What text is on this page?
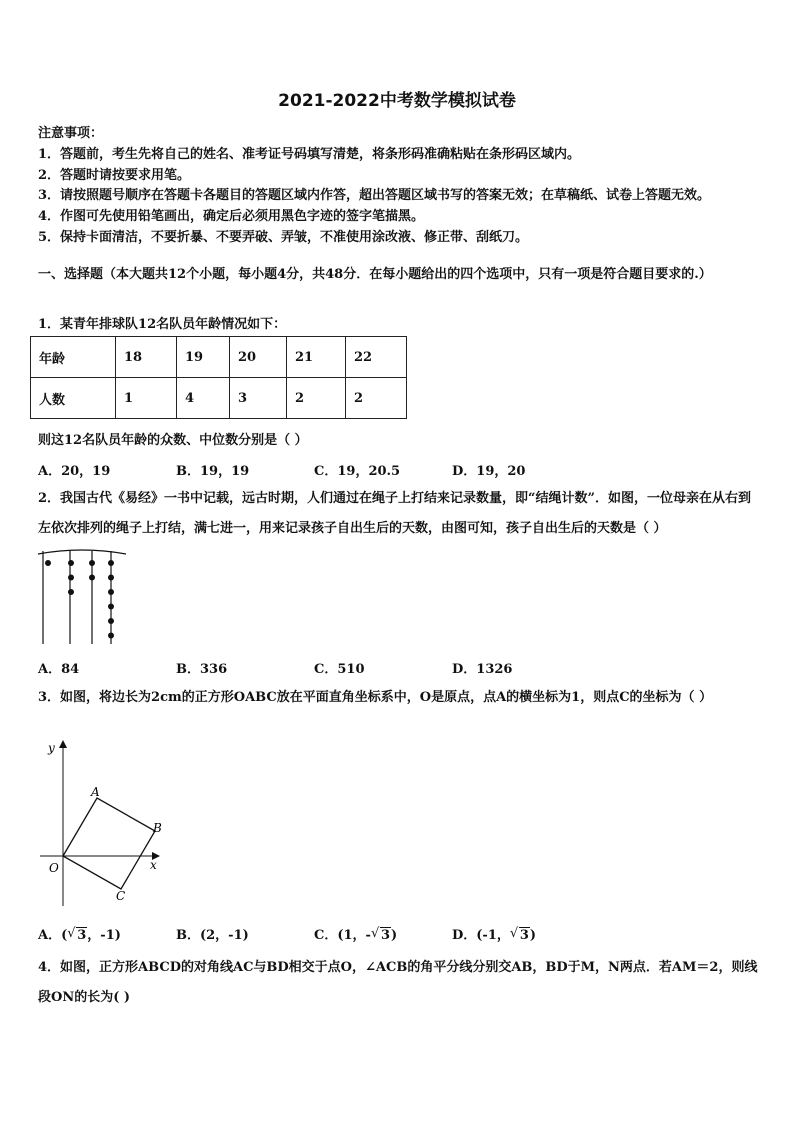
2021-2022中考数学模拟试卷
注意事项：
1．答题前，考生先将自己的姓名、准考证号码填写清楚，将条形码准确粘贴在条形码区域内。
2．答题时请按要求用笔。
3．请按照题号顺序在答题卡各题目的答题区域内作答，超出答题区域书写的答案无效；在草稿纸、试卷上答题无效。
4．作图可先使用铅笔画出，确定后必须用黑色字迹的签字笔描黑。
5．保持卡面清洁，不要折暴、不要弄破、弄皱，不准使用涂改液、修正带、刮纸刀。
一、选择题（本大题共12个小题，每小题4分，共48分．在每小题给出的四个选项中，只有一项是符合题目要求的.）
1．某青年排球队12名队员年龄情况如下：
年龄	18	19	20	21	22
人数	1	4	3	2	2
则这12名队员年龄的众数、中位数分别是（ ）
A．20，19	B．19，19	C．19，20.5	D．19，20
2．我国古代《易经》一书中记载，远古时期，人们通过在绳子上打结来记录数量，即“结绳计数”．如图，一位母亲在从右到左依次排列的绳子上打结，满七进一，用来记录孩子自出生后的天数，由图可知，孩子自出生后的天数是（ ）
A．84	B．336	C．510	D．1326
3．如图，将边长为2cm的正方形OABC放在平面直角坐标系中，O是原点，点A的横坐标为1，则点C的坐标为（ ）
y
x
O
A
B
C
A．( √ 3，-1)	B．(2，-1)	C．(1，- √ 3)	D．(-1， √ 3)
4．如图，正方形ABCD的对角线AC与BD相交于点O，∠ACB的角平分线分别交AB，BD于M，N两点．若AM＝2，则线段ON的长为( )
